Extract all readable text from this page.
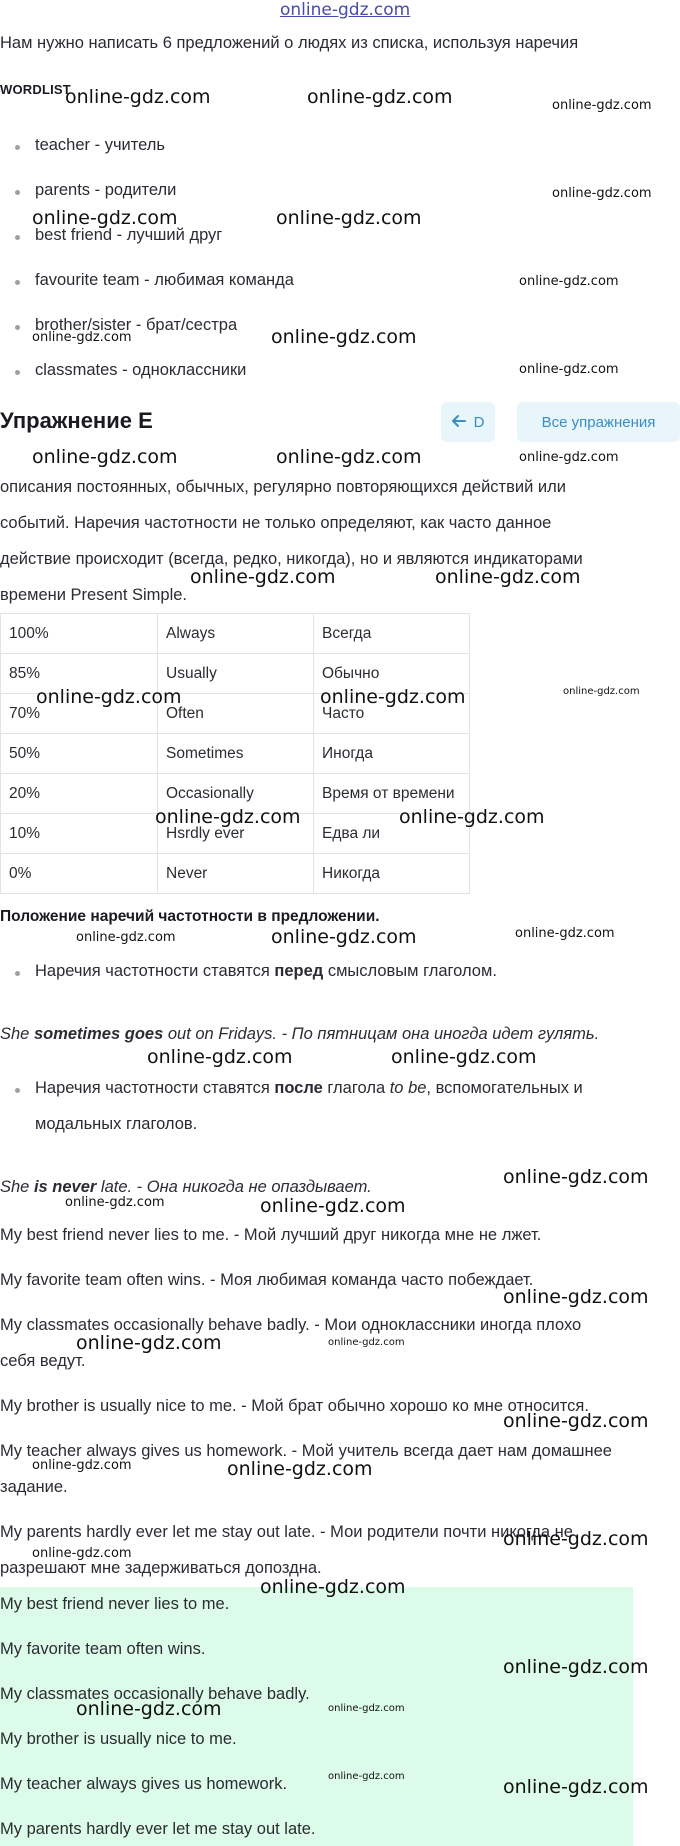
Нам нужно написать 6 предложений о людях из списка, используя наречия
WORDLIST
teacher - учитель
parents - родители
best friend - лучший друг
favourite team - любимая команда
brother/sister - брат/сестра
classmates - одноклассники
Упражнение E	D	Все упражнения
описания постоянных, обычных, регулярно повторяющихся действий или
событий. Наречия частотности не только определяют, как часто данное
действие происходит (всегда, редко, никогда), но и являются индикаторами
времени Present Simple.
100%	Always	Всегда
85%	Usually	Обычно
70%	Often	Часто
50%	Sometimes	Иногда
20%	Occasionally	Время от времени
10%	Hsrdly ever	Едва ли
0%	Never	Никогда
Положение наречий частотности в предложении.
Наречия частотности ставятся перед смысловым глаголом.
She sometimes goes out on Fridays. - По пятницам она иногда идет гулять.
Наречия частотности ставятся после глагола to be, вспомогательных и
модальных глаголов.
She is never late. - Она никогда не опаздывает.
My best friend never lies to me. - Мой лучший друг никогда мне не лжет.
My favorite team often wins. - Моя любимая команда часто побеждает.
My classmates occasionally behave badly. - Мои одноклассники иногда плохо
себя ведут.
My brother is usually nice to me. - Мой брат обычно хорошо ко мне относится.
My teacher always gives us homework. - Мой учитель всегда дает нам домашнее
задание.
My parents hardly ever let me stay out late. - Мои родители почти никогда не
разрешают мне задерживаться допоздна.
My best friend never lies to me.
My favorite team often wins.
My classmates occasionally behave badly.
My brother is usually nice to me.
My teacher always gives us homework.
My parents hardly ever let me stay out late.
online-gdz.com
online-gdz.com	online-gdz.com	online-gdz.com
online-gdz.com
online-gdz.com	online-gdz.com
online-gdz.com
online-gdz.com	online-gdz.com
online-gdz.com
online-gdz.com	online-gdz.com	online-gdz.com
online-gdz.com	online-gdz.com
online-gdz.com	online-gdz.com	online-gdz.com
online-gdz.com	online-gdz.com
online-gdz.com	online-gdz.com	online-gdz.com
online-gdz.com	online-gdz.com
online-gdz.com
online-gdz.com	online-gdz.com
online-gdz.com
online-gdz.com	online-gdz.com
online-gdz.com
online-gdz.com	online-gdz.com
online-gdz.com
online-gdz.com
online-gdz.com
online-gdz.com
online-gdz.com	online-gdz.com
online-gdz.com
online-gdz.com
